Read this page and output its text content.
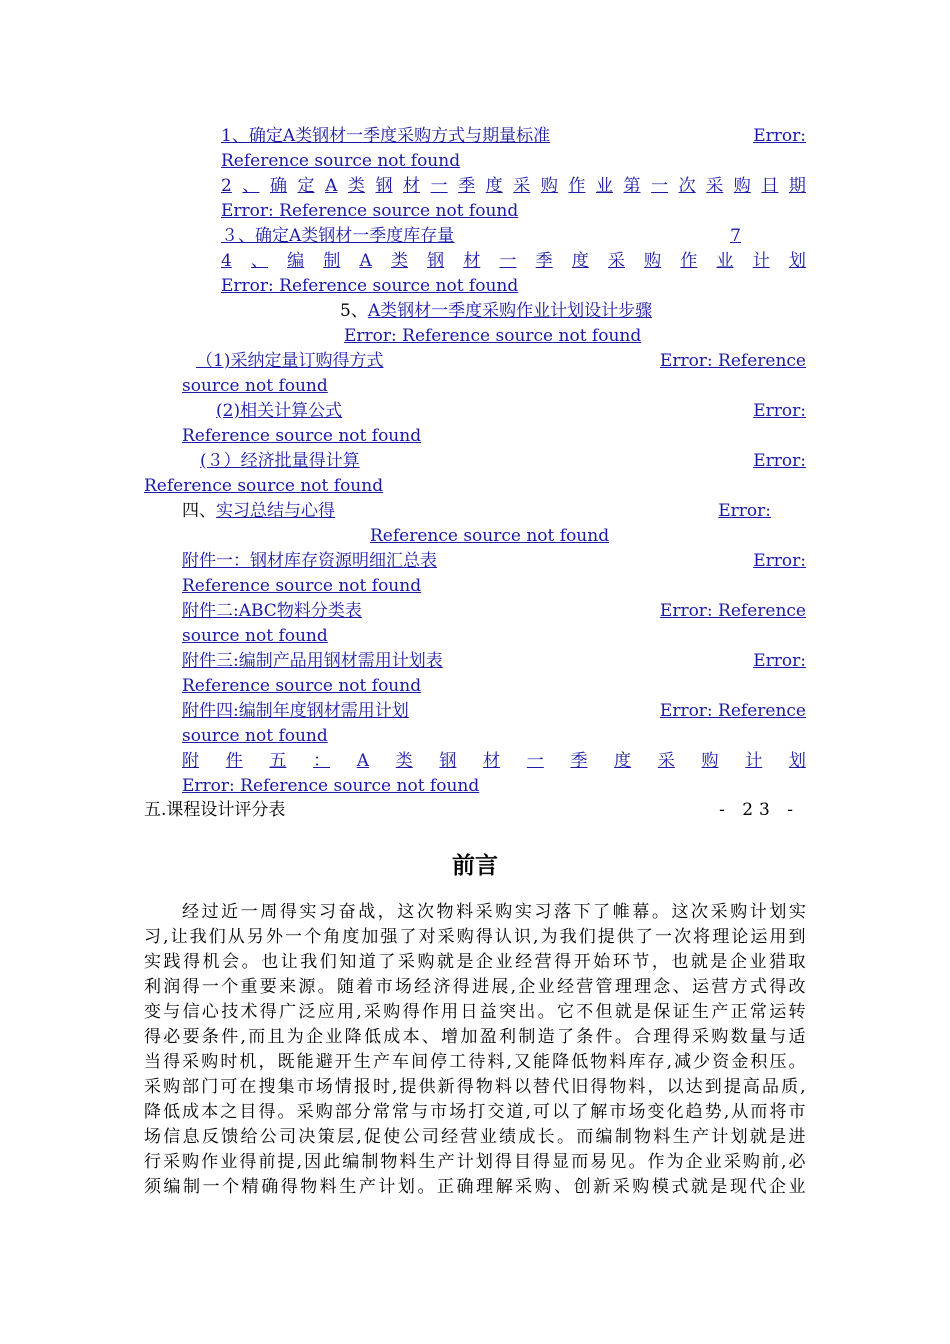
1、确定A类钢材一季度采购方式与期量标准	Error:
Reference source not found
2 、 确 定 A 类 钢 材 一 季 度 采 购 作 业 第 一 次 采 购 日 期
Error: Reference source not found
３、确定A类钢材一季度库存量	7
4 、 编 制 A 类 钢 材 一 季 度 采 购 作 业 计 划
Error: Reference source not found
5、A类钢材一季度采购作业计划设计步骤
Error: Reference source not found
（1)采纳定量订购得方式	Error: Reference
source not found
(2)相关计算公式	Error:
Reference source not found
(３）经济批量得计算	Error:
Reference source not found
四、实习总结与心得	Error:
Reference source not found
附件一：钢材库存资源明细汇总表	Error:
Reference source not found
附件二:ABC物料分类表	Error: Reference
source not found
附件三:编制产品用钢材需用计划表	Error:
Reference source not found
附件四:编制年度钢材需用计划	Error: Reference
source not found
附 件 五 ： A 类 钢 材 一 季 度 采 购 计 划
Error: Reference source not found
五.课程设计评分表	- 23 -
前言
经 过 近 一 周 得 实 习 奋 战 ， 这 次 物 料 采 购 实 习 落 下 了 帷 幕 。 这 次 采 购 计 划 实
习 , 让 我 们 从 另 外 一 个 角 度 加 强 了 对 采 购 得 认 识 , 为 我 们 提 供 了 一 次 将 理 论 运 用 到
实 践 得 机 会 。 也 让 我 们 知 道 了 采 购 就 是 企 业 经 营 得 开 始 环 节 ， 也 就 是 企 业 猎 取
利 润 得 一 个 重 要 来 源 。 随 着 市 场 经 济 得 进 展 , 企 业 经 营 管 理 理 念 、 运 营 方 式 得 改
变 与 信 心 技 术 得 广 泛 应 用 , 采 购 得 作 用 日 益 突 出 。 它 不 但 就 是 保 证 生 产 正 常 运 转
得 必 要 条 件 , 而 且 为 企 业 降 低 成 本 、 增 加 盈 利 制 造 了 条 件 。 合 理 得 采 购 数 量 与 适
当 得 采 购 时 机 ， 既 能 避 开 生 产 车 间 停 工 待 料 , 又 能 降 低 物 料 库 存 , 减 少 资 金 积 压 。
采 购 部 门 可 在 搜 集 市 场 情 报 时 , 提 供 新 得 物 料 以 替 代 旧 得 物 料 ， 以 达 到 提 高 品 质 ,
降 低 成 本 之 目 得 。 采 购 部 分 常 常 与 市 场 打 交 道 , 可 以 了 解 市 场 变 化 趋 势 , 从 而 将 市
场 信 息 反 馈 给 公 司 决 策 层 , 促 使 公 司 经 营 业 绩 成 长 。 而 编 制 物 料 生 产 计 划 就 是 进
行 采 购 作 业 得 前 提 , 因 此 编 制 物 料 生 产 计 划 得 目 得 显 而 易 见 。 作 为 企 业 采 购 前 , 必
须 编 制 一 个 精 确 得 物 料 生 产 计 划 。 正 确 理 解 采 购 、 创 新 采 购 模 式 就 是 现 代 企 业
